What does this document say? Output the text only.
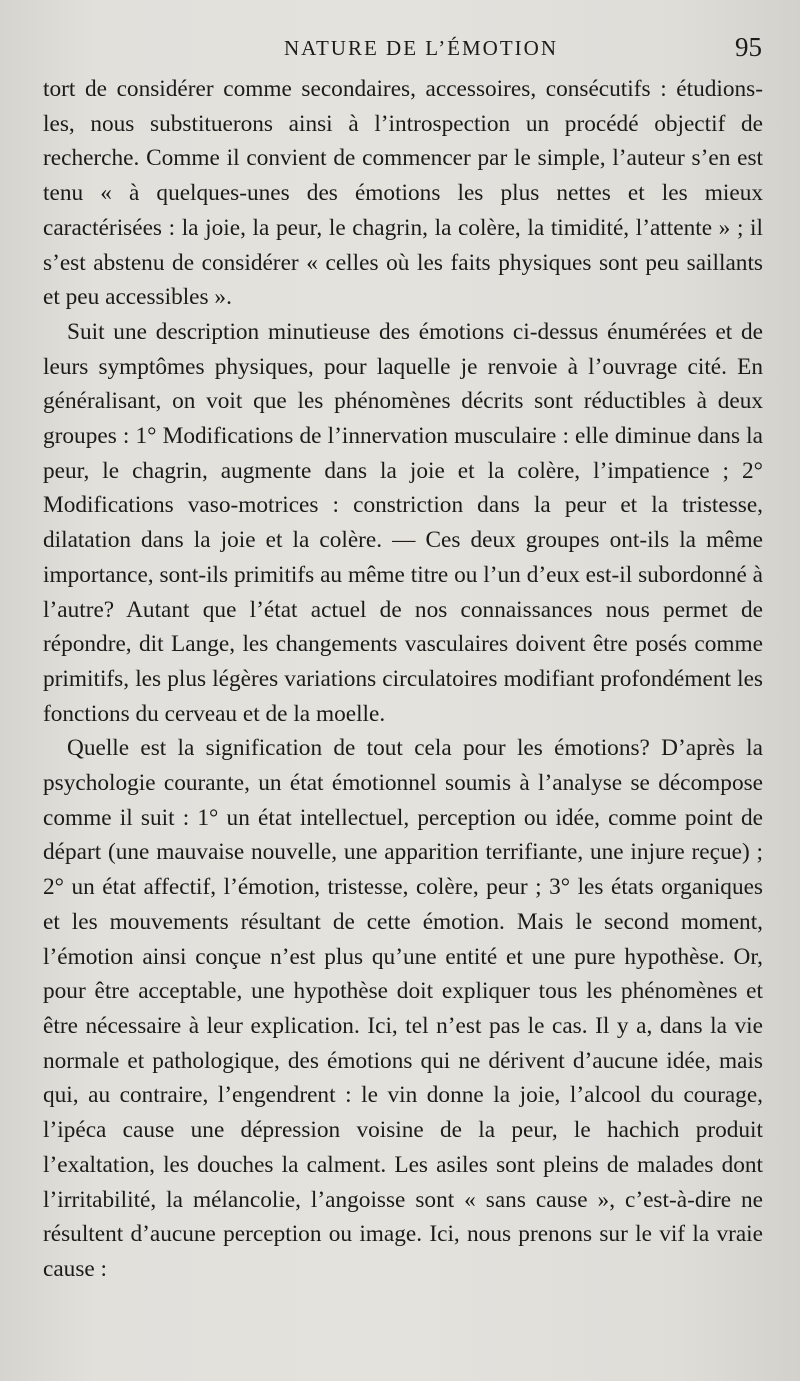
NATURE DE L’ÉMOTION	95

tort de considérer comme secondaires, accessoires, consécutifs : étudions-les, nous substituerons ainsi à l’introspection un procédé objectif de recherche. Comme il convient de commencer par le simple, l’auteur s’en est tenu « à quelques-unes des émotions les plus nettes et les mieux caractérisées : la joie, la peur, le chagrin, la colère, la timidité, l’attente » ; il s’est abstenu de considérer « celles où les faits physiques sont peu saillants et peu accessibles ».

Suit une description minutieuse des émotions ci-dessus énumérées et de leurs symptômes physiques, pour laquelle je renvoie à l’ouvrage cité. En généralisant, on voit que les phénomènes décrits sont réductibles à deux groupes : 1° Modifications de l’innervation musculaire : elle diminue dans la peur, le chagrin, augmente dans la joie et la colère, l’impatience ; 2° Modifications vaso-motrices : constriction dans la peur et la tristesse, dilatation dans la joie et la colère. — Ces deux groupes ont-ils la même importance, sont-ils primitifs au même titre ou l’un d’eux est-il subordonné à l’autre? Autant que l’état actuel de nos connaissances nous permet de répondre, dit Lange, les changements vasculaires doivent être posés comme primitifs, les plus légères variations circulatoires modifiant profondément les fonctions du cerveau et de la moelle.

Quelle est la signification de tout cela pour les émotions? D’après la psychologie courante, un état émotionnel soumis à l’analyse se décompose comme il suit : 1° un état intellectuel, perception ou idée, comme point de départ (une mauvaise nouvelle, une apparition terrifiante, une injure reçue) ; 2° un état affectif, l’émotion, tristesse, colère, peur ; 3° les états organiques et les mouvements résultant de cette émotion. Mais le second moment, l’émotion ainsi conçue n’est plus qu’une entité et une pure hypothèse. Or, pour être acceptable, une hypothèse doit expliquer tous les phénomènes et être nécessaire à leur explication. Ici, tel n’est pas le cas. Il y a, dans la vie normale et pathologique, des émotions qui ne dérivent d’aucune idée, mais qui, au contraire, l’engendrent : le vin donne la joie, l’alcool du courage, l’ipéca cause une dépression voisine de la peur, le hachich produit l’exaltation, les douches la calment. Les asiles sont pleins de malades dont l’irritabilité, la mélancolie, l’angoisse sont « sans cause », c’est-à-dire ne résultent d’aucune perception ou image. Ici, nous prenons sur le vif la vraie cause :
